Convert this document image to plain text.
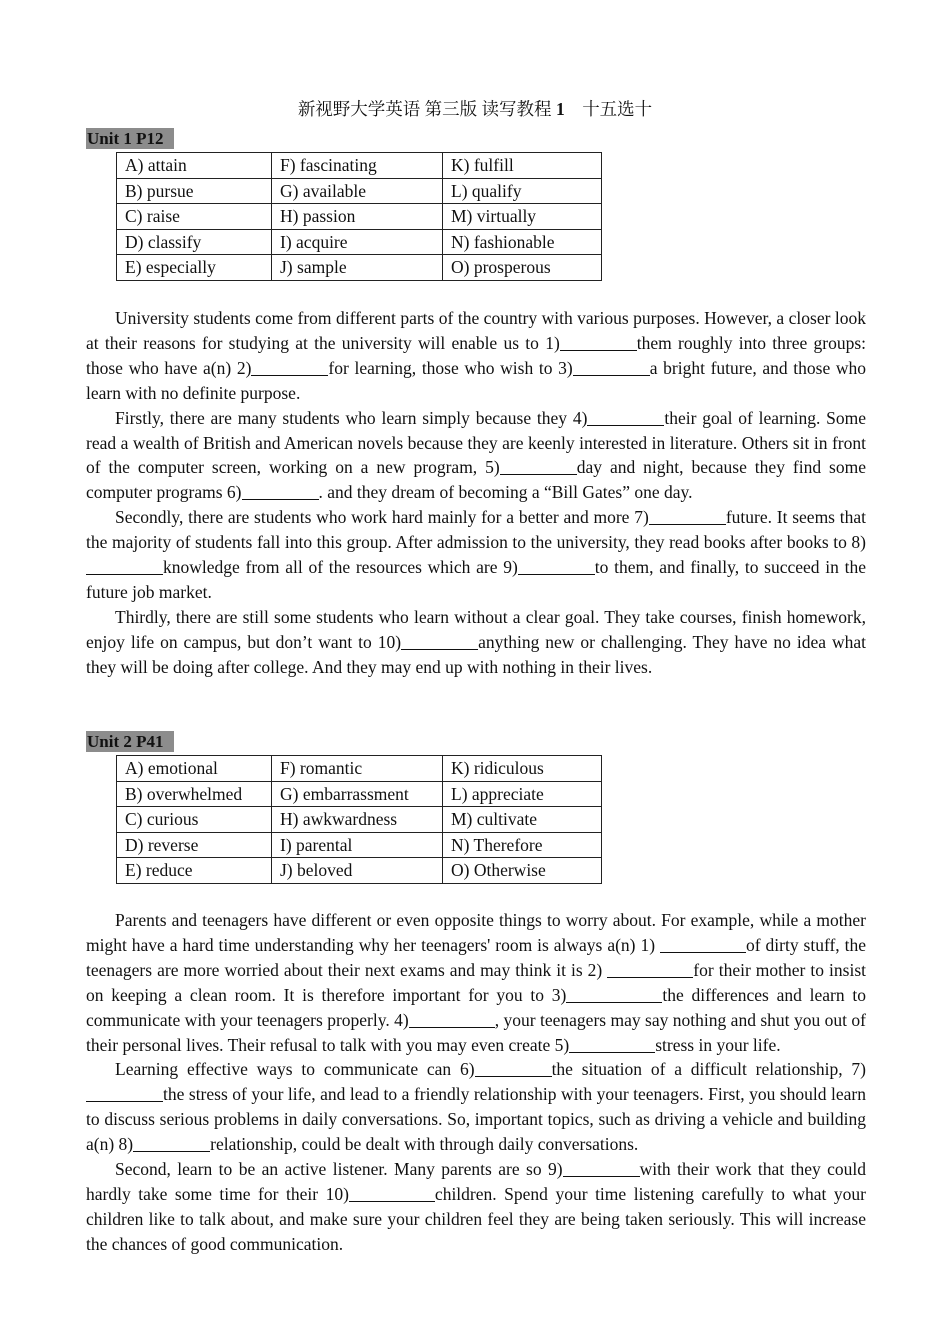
新视野大学英语 第三版 读写教程 1 十五选十
Unit 1 P12
A) attain	F) fascinating	K) fulfill
B) pursue	G) available	L) qualify
C) raise	H) passion	M) virtually
D) classify	I) acquire	N) fashionable
E) especially	J) sample	O) prosperous

University students come from different parts of the country with various purposes. However, a closer look at their reasons for studying at the university will enable us to 1)	them roughly into three groups: those who have a(n) 2)	for learning, those who wish to 3)	a bright future, and those who learn with no definite purpose.

Firstly, there are many students who learn simply because they 4)	their goal of learning. Some read a wealth of British and American novels because they are keenly interested in literature. Others sit in front of the computer screen, working on a new program, 5)	day and night, because they find some computer programs 6)	. and they dream of becoming a “Bill Gates” one day.

Secondly, there are students who work hard mainly for a better and more 7)	future. It seems that the majority of students fall into this group. After admission to the university, they read books after books to 8)knowledge from all of the resources which are 9)	to them, and finally, to succeed in the future job market.

Thirdly, there are still some students who learn without a clear goal. They take courses, finish homework, enjoy life on campus, but don’t want to 10)	anything new or challenging. They have no idea what they will be doing after college. And they may end up with nothing in their lives.

Unit 2 P41
A) emotional	F) romantic	K) ridiculous
B) overwhelmed	G) embarrassment	L) appreciate
C) curious	H) awkwardness	M) cultivate
D) reverse	I) parental	N) Therefore
E) reduce	J) beloved	O) Otherwise

Parents and teenagers have different or even opposite things to worry about. For example, while a mother might have a hard time understanding why her teenagers' room is always a(n) 1)	of dirty stuff, the teenagers are more worried about their next exams and may think it is 2)	for their mother to insist on keeping a clean room. It is therefore important for you to 3)	the differences and learn to communicate with your teenagers properly. 4)	, your teenagers may say nothing and shut you out of their personal lives. Their refusal to talk with you may even create 5)	stress in your life.

Learning effective ways to communicate can 6)	the situation of a difficult relationship, 7)the stress of your life, and lead to a friendly relationship with your teenagers. First, you should learn to discuss serious problems in daily conversations. So, important topics, such as driving a vehicle and building a(n) 8)	relationship, could be dealt with through daily conversations.

Second, learn to be an active listener. Many parents are so 9)	with their work that they could hardly take some time for their 10)	children. Spend your time listening carefully to what your children like to talk about, and make sure your children feel they are being taken seriously. This will increase the chances of good communication.
